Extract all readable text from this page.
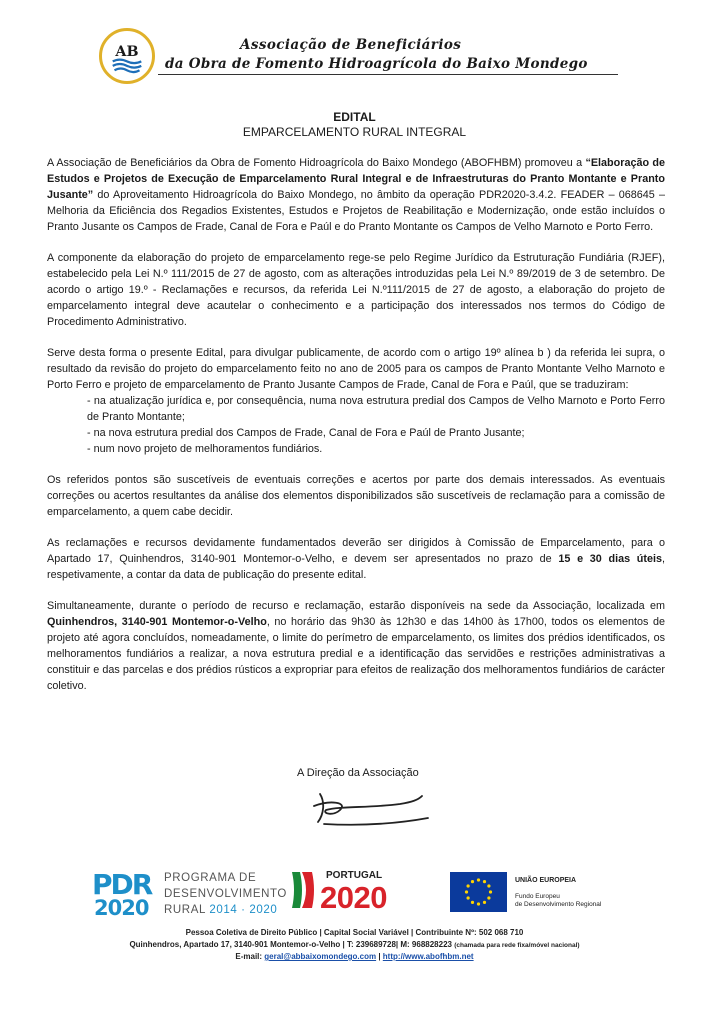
AB	Associação de Beneficiários
da Obra de Fomento Hidroagrícola do Baixo Mondego
EDITAL
EMPARCELAMENTO RURAL INTEGRAL

A Associação de Beneficiários da Obra de Fomento Hidroagrícola do Baixo Mondego (ABOFHBM) promoveu a “Elaboração de Estudos e Projetos de Execução de Emparcelamento Rural Integral e de Infraestruturas do Pranto Montante e Pranto Jusante” do Aproveitamento Hidroagrícola do Baixo Mondego, no âmbito da operação PDR2020-3.4.2. FEADER – 068645 – Melhoria da Eficiência dos Regadios Existentes, Estudos e Projetos de Reabilitação e Modernização, onde estão incluídos o Pranto Jusante os Campos de Frade, Canal de Fora e Paúl e do Pranto Montante os Campos de Velho Marnoto e Porto Ferro.

A componente da elaboração do projeto de emparcelamento rege-se pelo Regime Jurídico da Estruturação Fundiária (RJEF), estabelecido pela Lei N.º 111/2015 de 27 de agosto, com as alterações introduzidas pela Lei N.º 89/2019 de 3 de setembro. De acordo o artigo 19.º - Reclamações e recursos, da referida Lei N.º111/2015 de 27 de agosto, a elaboração do projeto de emparcelamento integral deve acautelar o conhecimento e a participação dos interessados nos termos do Código de Procedimento Administrativo.

Serve desta forma o presente Edital, para divulgar publicamente, de acordo com o artigo 19º alínea b ) da referida lei supra, o resultado da revisão do projeto do emparcelamento feito no ano de 2005 para os campos de Pranto Montante Velho Marnoto e Porto Ferro e projeto de emparcelamento de Pranto Jusante Campos de Frade, Canal de Fora e Paúl, que se traduziram:

- na atualização jurídica e, por consequência, numa nova estrutura predial dos Campos de Velho Marnoto e Porto Ferro de Pranto Montante;
- na nova estrutura predial dos Campos de Frade, Canal de Fora e Paúl de Pranto Jusante;
- num novo projeto de melhoramentos fundiários.

Os referidos pontos são suscetíveis de eventuais correções e acertos por parte dos demais interessados. As eventuais correções ou acertos resultantes da análise dos elementos disponibilizados são suscetíveis de reclamação para a comissão de emparcelamento, a quem cabe decidir.

As reclamações e recursos devidamente fundamentados deverão ser dirigidos à Comissão de Emparcelamento, para o Apartado 17, Quinhendros, 3140-901 Montemor-o-Velho, e devem ser apresentados no prazo de 15 e 30 dias úteis, respetivamente, a contar da data de publicação do presente edital.

Simultaneamente, durante o período de recurso e reclamação, estarão disponíveis na sede da Associação, localizada em Quinhendros, 3140-901 Montemor-o-Velho, no horário das 9h30 às 12h30 e das 14h00 às 17h00, todos os elementos de projeto até agora concluídos, nomeadamente, o limite do perímetro de emparcelamento, os limites dos prédios identificados, os melhoramentos fundiários a realizar, a nova estrutura predial e a identificação das servidões e restrições administrativas a constituir e das parcelas e dos prédios rústicos a expropriar para efeitos de realização dos melhoramentos fundiários de carácter coletivo.

A Direção da Associação
PDR
2020
PROGRAMA DE
DESENVOLVIMENTO
RURAL 2014 · 2020
PORTUGAL
2020	UNIÃO EUROPEIA
Fundo Europeu
de Desenvolvimento Regional
Pessoa Coletiva de Direito Público | Capital Social Variável | Contribuinte Nº: 502 068 710
Quinhendros, Apartado 17, 3140-901 Montemor-o-Velho | T: 239689728| M: 968828223 (chamada para rede fixa/móvel nacional)
E-mail: geral@abbaixomondego.com | http://www.abofhbm.net
